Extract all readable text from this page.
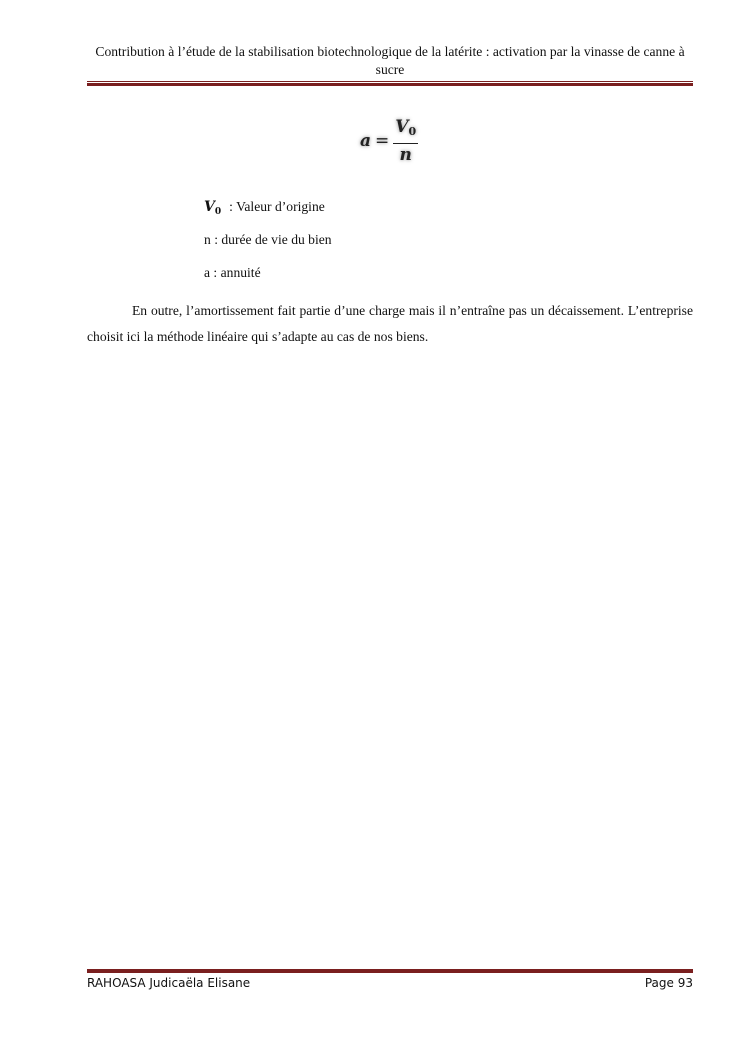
Contribution à l’étude de la stabilisation biotechnologique de la latérite : activation par la vinasse de canne à sucre
$a = \frac{V_0}{n}$
$V_0$ : Valeur d’origine
n : durée de vie du bien
a : annuité
En outre, l’amortissement fait partie d’une charge mais il n’entraîne pas un décaissement. L’entreprise choisit ici la méthode linéaire qui s’adapte au cas de nos biens.
RAHOASA Judicaëla Elisane	Page 93
